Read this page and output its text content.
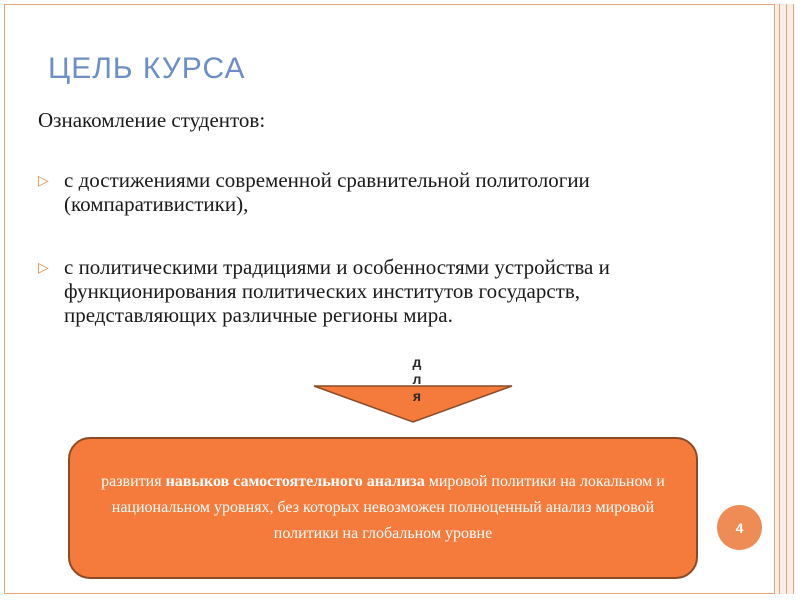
ЦЕЛЬ КУРСА
Ознакомление студентов:
▷ с достижениями современной сравнительной политологии (компаративистики),
▷ с политическими традициями и особенностями устройства и функционирования политических институтов государств, представляющих различные регионы мира.
д
л
я
развития навыков самостоятельного анализа мировой политики на локальном и национальном уровнях, без которых невозможен полноценный анализ мировой политики на глобальном уровне	4
